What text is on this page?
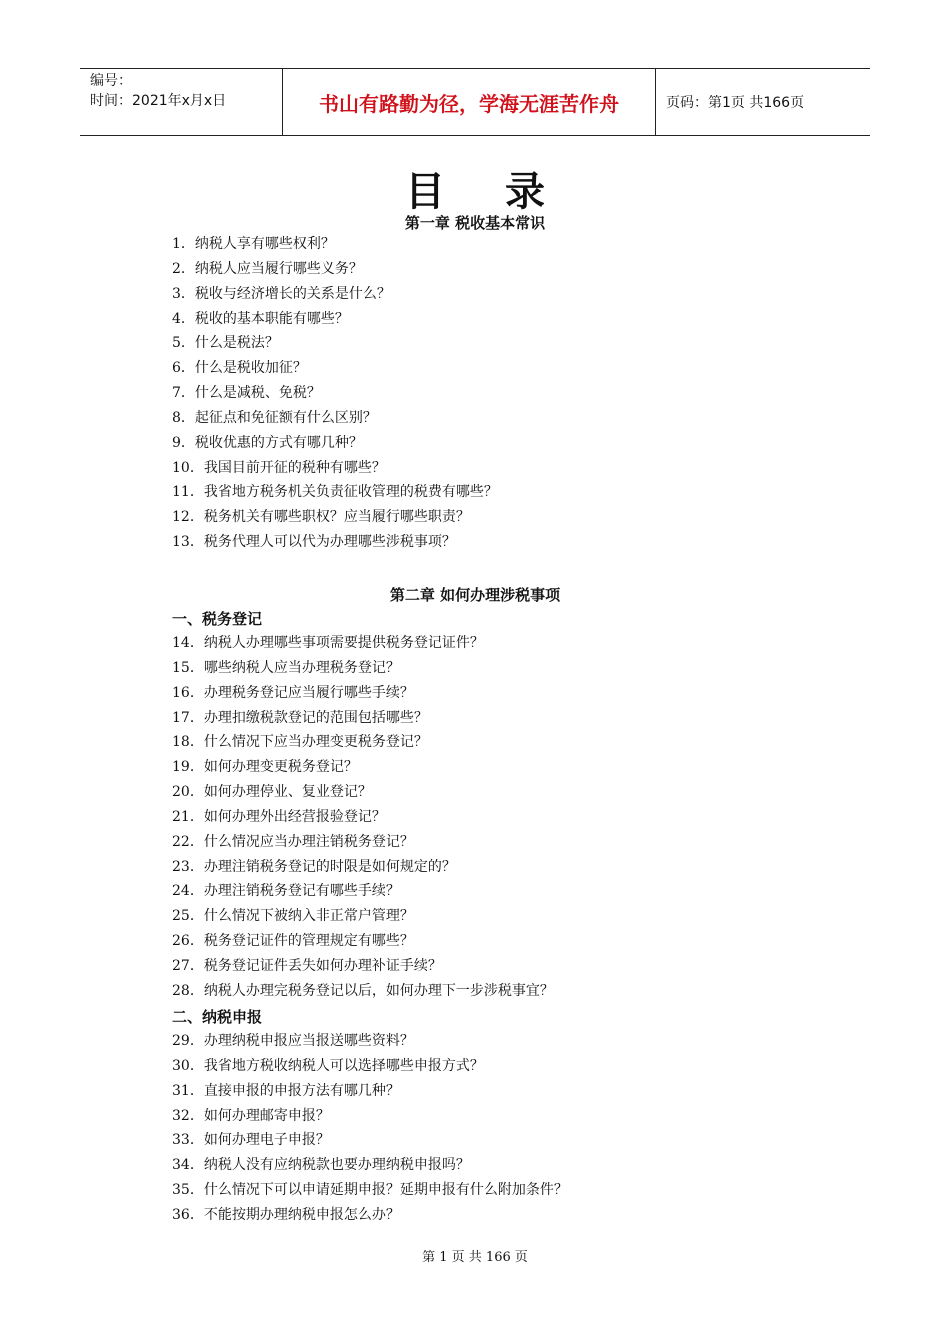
编号：
时间：2021年x月x日	书山有路勤为径，学海无涯苦作舟	页码：第1页 共166页
目录
第一章 税收基本常识
1．纳税人享有哪些权利？
2．纳税人应当履行哪些义务？
3．税收与经济增长的关系是什么？
4．税收的基本职能有哪些？
5．什么是税法？
6．什么是税收加征？
7．什么是减税、免税？
8．起征点和免征额有什么区别？
9．税收优惠的方式有哪几种？
10．我国目前开征的税种有哪些？
11．我省地方税务机关负责征收管理的税费有哪些？
12．税务机关有哪些职权？应当履行哪些职责？
13．税务代理人可以代为办理哪些涉税事项？
第二章 如何办理涉税事项
一、税务登记
14．纳税人办理哪些事项需要提供税务登记证件？
15．哪些纳税人应当办理税务登记？
16．办理税务登记应当履行哪些手续？
17．办理扣缴税款登记的范围包括哪些？
18．什么情况下应当办理变更税务登记？
19．如何办理变更税务登记？
20．如何办理停业、复业登记？
21．如何办理外出经营报验登记？
22．什么情况应当办理注销税务登记？
23．办理注销税务登记的时限是如何规定的？
24．办理注销税务登记有哪些手续？
25．什么情况下被纳入非正常户管理？
26．税务登记证件的管理规定有哪些？
27．税务登记证件丢失如何办理补证手续？
28．纳税人办理完税务登记以后，如何办理下一步涉税事宜？
二、纳税申报
29．办理纳税申报应当报送哪些资料？
30．我省地方税收纳税人可以选择哪些申报方式？
31．直接申报的申报方法有哪几种？
32．如何办理邮寄申报？
33．如何办理电子申报？
34．纳税人没有应纳税款也要办理纳税申报吗？
35．什么情况下可以申请延期申报？延期申报有什么附加条件？
36．不能按期办理纳税申报怎么办？
第 1 页 共 166 页
